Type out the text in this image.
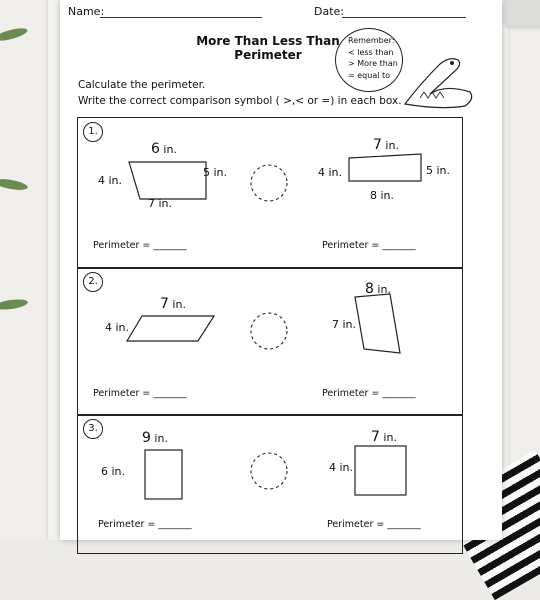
Name:	Date:
More Than Less Than
Perimeter
Remember:
< less than
> More than
= equal to
Calculate the perimeter.
Write the correct comparison symbol ( >,< or =) in each box.
1.
6 in.
4 in.
5 in.
7 in.
7 in.
4 in.	5 in.
8 in.
Perimeter = _______	Perimeter = _______
2.
7 in.
4 in.
8 in.
7 in.
Perimeter = _______	Perimeter = _______
3.
9 in.
6 in.
7 in.
4 in.
Perimeter = _______	Perimeter = _______
